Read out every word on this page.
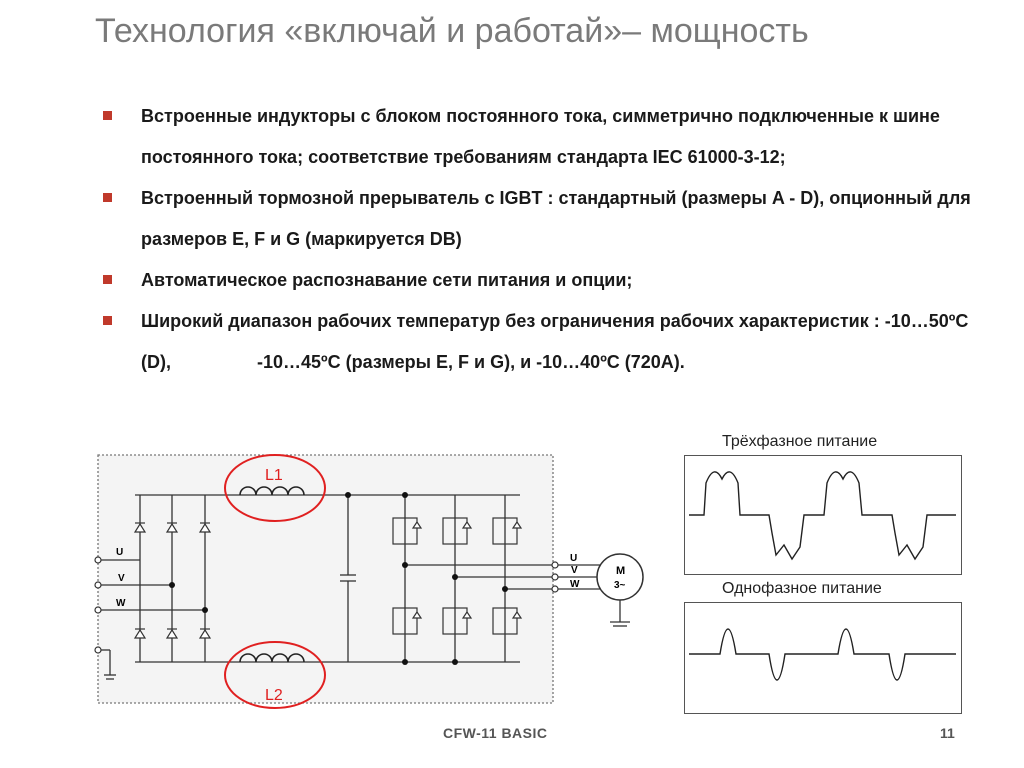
Технология «включай и работай»– мощность
Встроенные индукторы с блоком постоянного тока, симметрично подключенные к шине постоянного тока; соответствие требованиям стандарта IEC 61000-3-12;
Встроенный тормозной прерыватель с IGBT : стандартный (размеры A - D), опционный для размеров E, F и G (маркируется DB)
Автоматическое распознавание сети питания и опции;
Широкий диапазон рабочих температур без ограничения рабочих характеристик : -10…50ºC (D),	-10…45ºC (размеры E, F и G), и -10…40ºC (720A).
L1
L2
U
V
W
U
V
W
M
3~
Трёхфазное питание
Однофазное питание
CFW-11 BASIC	11
